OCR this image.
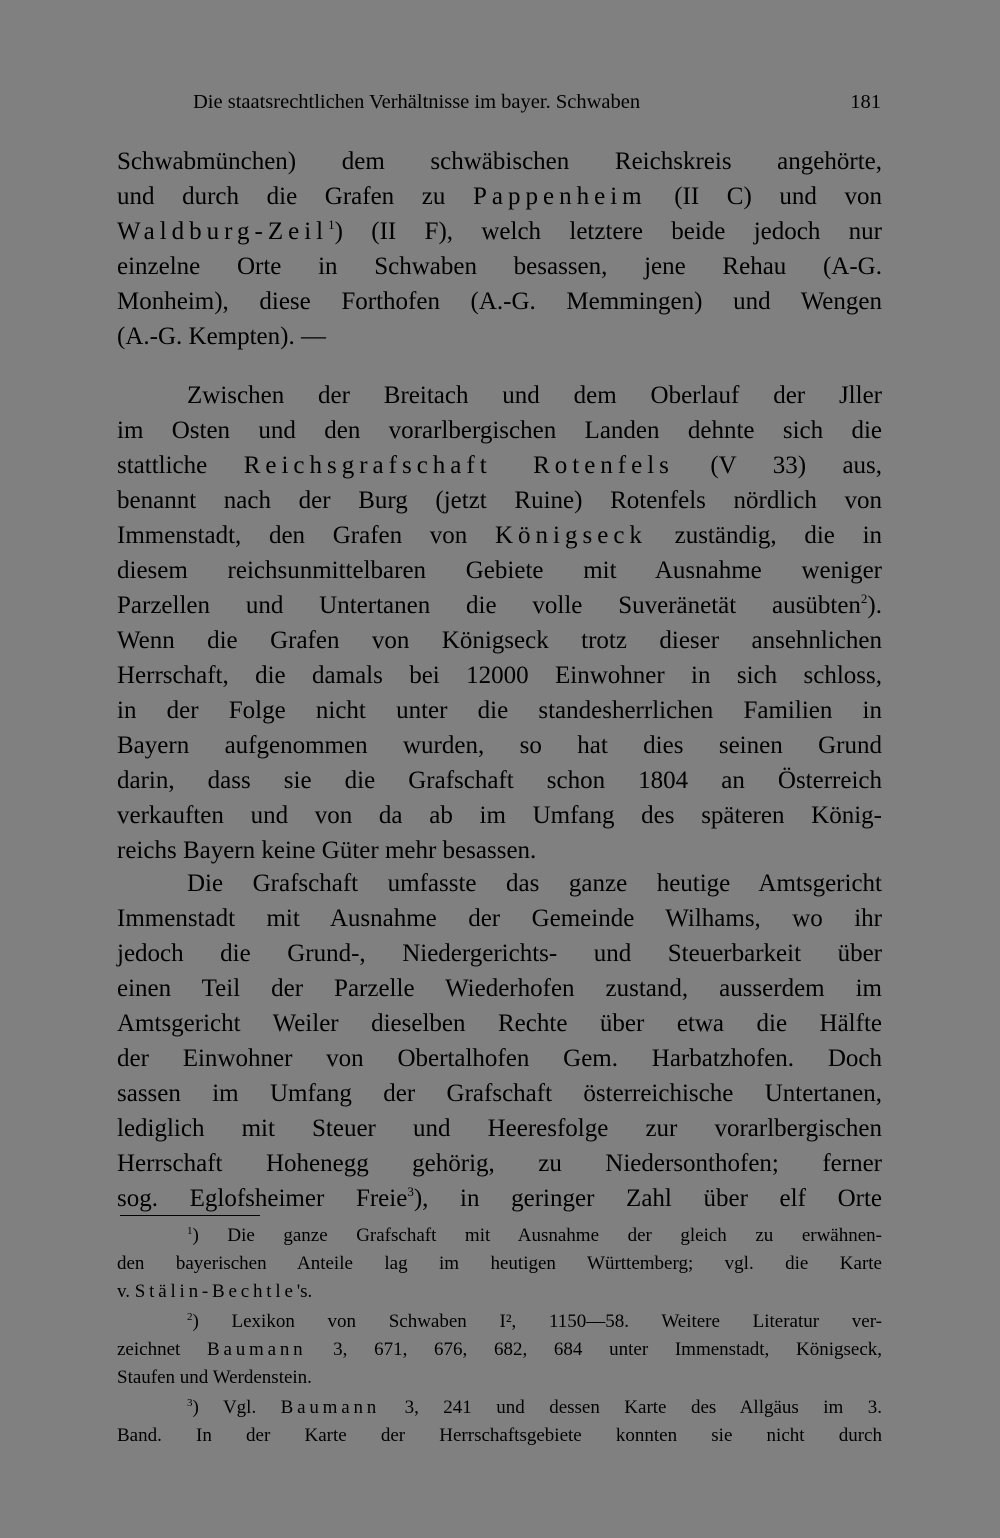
Die staatsrechtlichen Verhältnisse im bayer. Schwaben	181
Schwabmünchen) dem schwäbischen Reichskreis angehörte,
und durch die Grafen zu Pappenheim (II C) und von
Waldburg-Zeil$^1$) (II F), welch letztere beide jedoch nur
einzelne Orte in Schwaben besassen, jene Rehau (A-G.
Monheim), diese Forthofen (A.-G. Memmingen) und Wengen
(A.-G. Kempten). —
Zwischen der Breitach und dem Oberlauf der Jller
im Osten und den vorarlbergischen Landen dehnte sich die
stattliche Reichsgrafschaft Rotenfels (V 33) aus,
benannt nach der Burg (jetzt Ruine) Rotenfels nördlich von
Immenstadt, den Grafen von Königseck zuständig, die in
diesem reichsunmittelbaren Gebiete mit Ausnahme weniger
Parzellen und Untertanen die volle Suveränetät ausübten$^2$).
Wenn die Grafen von Königseck trotz dieser ansehnlichen
Herrschaft, die damals bei 12000 Einwohner in sich schloss,
in der Folge nicht unter die standesherrlichen Familien in
Bayern aufgenommen wurden, so hat dies seinen Grund
darin, dass sie die Grafschaft schon 1804 an Österreich
verkauften und von da ab im Umfang des späteren König-
reichs Bayern keine Güter mehr besassen.
Die Grafschaft umfasste das ganze heutige Amtsgericht
Immenstadt mit Ausnahme der Gemeinde Wilhams, wo ihr
jedoch die Grund-, Niedergerichts- und Steuerbarkeit über
einen Teil der Parzelle Wiederhofen zustand, ausserdem im
Amtsgericht Weiler dieselben Rechte über etwa die Hälfte
der Einwohner von Obertalhofen Gem. Harbatzhofen. Doch
sassen im Umfang der Grafschaft österreichische Untertanen,
lediglich mit Steuer und Heeresfolge zur vorarlbergischen
Herrschaft Hohenegg gehörig, zu Niedersonthofen; ferner
sog. Eglofsheimer Freie$^3$), in geringer Zahl über elf Orte
$^1$) Die ganze Grafschaft mit Ausnahme der gleich zu erwähnen-
den bayerischen Anteile lag im heutigen Württemberg; vgl. die Karte
v. Stälin-Bechtle's.
$^2$) Lexikon von Schwaben I², 1150—58. Weitere Literatur ver-
zeichnet Baumann 3, 671, 676, 682, 684 unter Immenstadt, Königseck,
Staufen und Werdenstein.
$^3$) Vgl. Baumann 3, 241 und dessen Karte des Allgäus im 3.
Band. In der Karte der Herrschaftsgebiete konnten sie nicht durch
